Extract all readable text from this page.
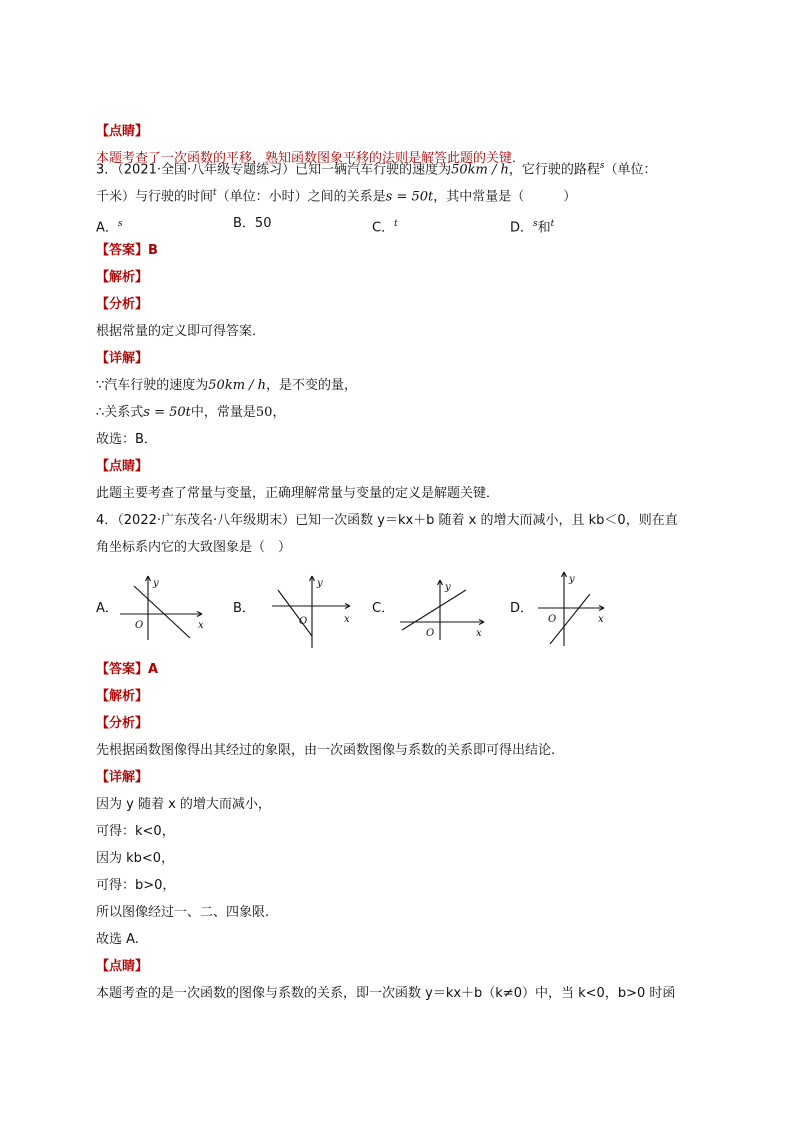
【点睛】
本题考查了一次函数的平移，熟知函数图象平移的法则是解答此题的关键．
3．（2021·全国·八年级专题练习）已知一辆汽车行驶的速度为50km / h，它行驶的路程$^s$（单位：
千米）与行驶的时间$^t$（单位：小时）之间的关系是s = 50t，其中常量是（　　　）
A．$^s$	B．50	C．$^t$	D．$^s$和$^t$
【答案】B
【解析】
【分析】
根据常量的定义即可得答案．
【详解】
∵汽车行驶的速度为50km / h，是不变的量，
∴关系式s = 50t中，常量是50，
故选：B．
【点睛】
此题主要考查了常量与变量，正确理解常量与变量的定义是解题关键．
4．（2022·广东茂名·八年级期末）已知一次函数 y＝kx＋b 随着 x 的增大而减小，且 kb＜0，则在直
角坐标系内它的大致图象是（　）
A．
x
y
O
B．
x
y
O
C．
x
y
O
D．
x
y
O
【答案】A
【解析】
【分析】
先根据函数图像得出其经过的象限，由一次函数图像与系数的关系即可得出结论.
【详解】
因为 y 随着 x 的增大而减小，
可得：k<0，
因为 kb<0，
可得：b>0，
所以图像经过一、二、四象限.
故选 A.
【点睛】
本题考查的是一次函数的图像与系数的关系，即一次函数 y＝kx＋b（k≠0）中，当 k<0，b>0 时函
